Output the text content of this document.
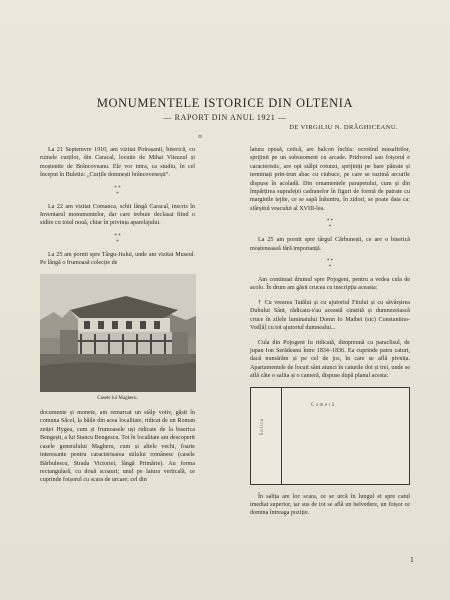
MONUMENTELE ISTORICE DIN OLTENIA
— RAPORT DIN ANUL 1921 —
DE VIRGILIU N. DRĂGHICEANU.
⊙

La 21 Septemvre 1910, am vizitat Potrașanii, biserică, cu ruinele curților, din Caracal, locuite de Mihai Viteazul și moștenite de Brâncoveanu. Ele vor intra, ca studiu, în cel început în Buletin: „Curțile domnești brâncovenești“.

* *
*

La 22 am vizitat Comanca, schit lângă Caracal, inscris în Inventarul monumentelor, dar care trebuie declasat fiind o sidire cu totul nouă, chiar în privința aparelajului.

* *
*

La 25 am pornit spre Târgu-Jiului, unde am vizitat Museul. Pe lângă o frumoasă colecție de

Casele lui Magheru.

documente și monete, am remarcat un stâlp votiv, găsit în comuna Săcel, la băile din acea localitate, ridicat de un Roman zeiței Hygea, cum și frumoasele uși ridicate de la biserica Bengești, a lui Stancu Bengescu. Tot în localitate am descoperit casele generalului Magheru, cum și altele vechi, foarte interesante pentru caracterisarea stilului românesc (casele Bărbulescu, Strada Victoriei, lângă Primărie). Au forma rectangulară, cu două scoauri; unul pe latura verticală, ce cuprinde foișorul cu scara de urcare; cel din

latura opusă, ceticâ, are balcon închis: ocrotind musafirilor, sprijinit pe un subsuoment cu arcade. Pridvorul sau foișorul e caracteristic, are opt stâlpi rotunzi, sprijiniți pe bare pătrate și terminați prin-trun abac cu ciubuce, pe care se razimă arcurile dispuse în acoladă. Din ornamentele parapetului, cum și din împărțirea suprafeței cadranelor în figuri de formă de patrate cu marginile tejite, ce se sapă înăuntru, în zidori, se poate data ca: sfârșitul veacului al XVIII-lea.

* *
*

La 25 am pornit spre târgul Cărbunești, ce are o biserică moșteneaseă fără importanță.

* *
*

Am continuat drumul spre Pojogeni, pentru a vedea cula de acolo. În drum am găsit crucea cu inscripția aceasta:

† Cu vrearea Tatălui și cu ajutoriul Fiiului și cu săvârșirea Duhului Sânt, rădicatu-s'au această cinstită și dumnezeiască cruce în zilele luminatului Domn Io Mathei (sic) Constantino-Vod[ă] cu tot ajutoriul dumnealui...

Cula din Pojogeni fu ridicată, dimpreună cu paraclisul, de jupan Ion Serădeanu între 1834–1836. Ea cuprinde patru caturi, dacă numărăm și pe cel de jos, în care se află pivnița. Apartamentele de locuit sânt atunci în caturile doi și trei, unde se află câte o salita și o cameră, dispuse după planul acesta:

Salita
Cameră

În salița are loc scara, ce se urcă în lungul ei spre catul imediat superior, iar sus de tot se află un belvedere, un foișor ce domina întreaga poziție.

1
